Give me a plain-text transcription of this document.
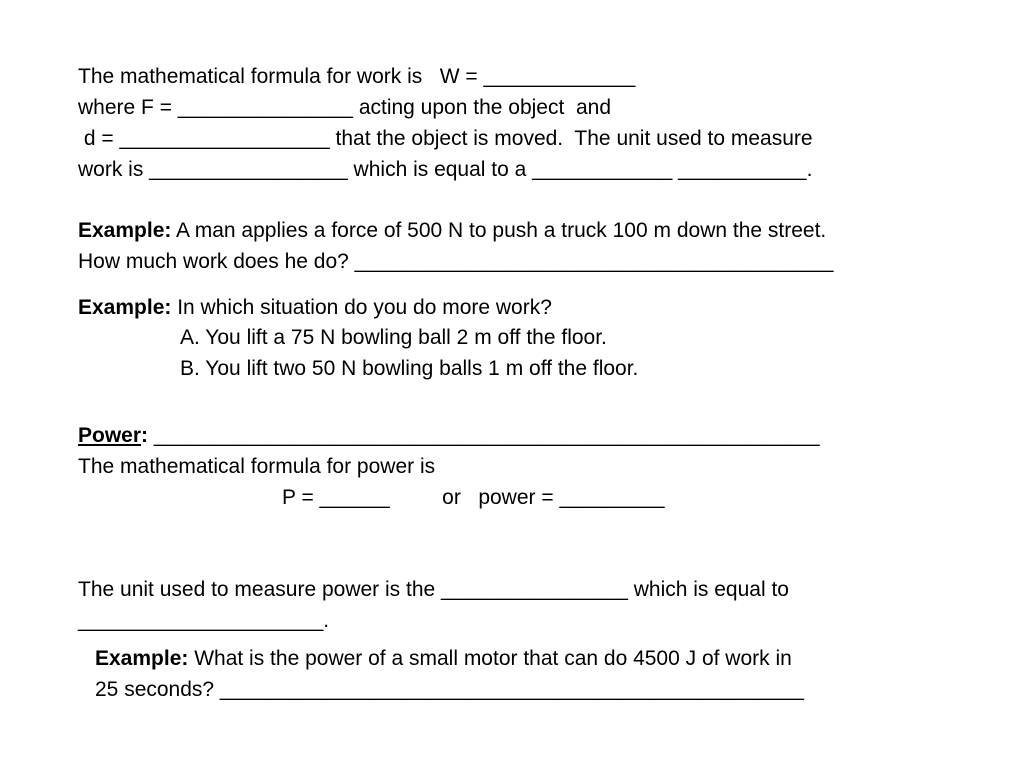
The mathematical formula for work is   W = _____________
where F = _______________ acting upon the object  and
d = __________________ that the object is moved.  The unit used to measure
work is _________________ which is equal to a ____________ ___________.
Example: A man applies a force of 500 N to push a truck 100 m down the street.
How much work does he do? _________________________________________
Example: In which situation do you do more work?
A. You lift a 75 N bowling ball 2 m off the floor.
B. You lift two 50 N bowling balls 1 m off the floor.
Power: _________________________________________________________
The mathematical formula for power is
P = ______         or   power = _________
The unit used to measure power is the ________________ which is equal to
_____________________.
Example: What is the power of a small motor that can do 4500 J of work in
25 seconds? __________________________________________________
